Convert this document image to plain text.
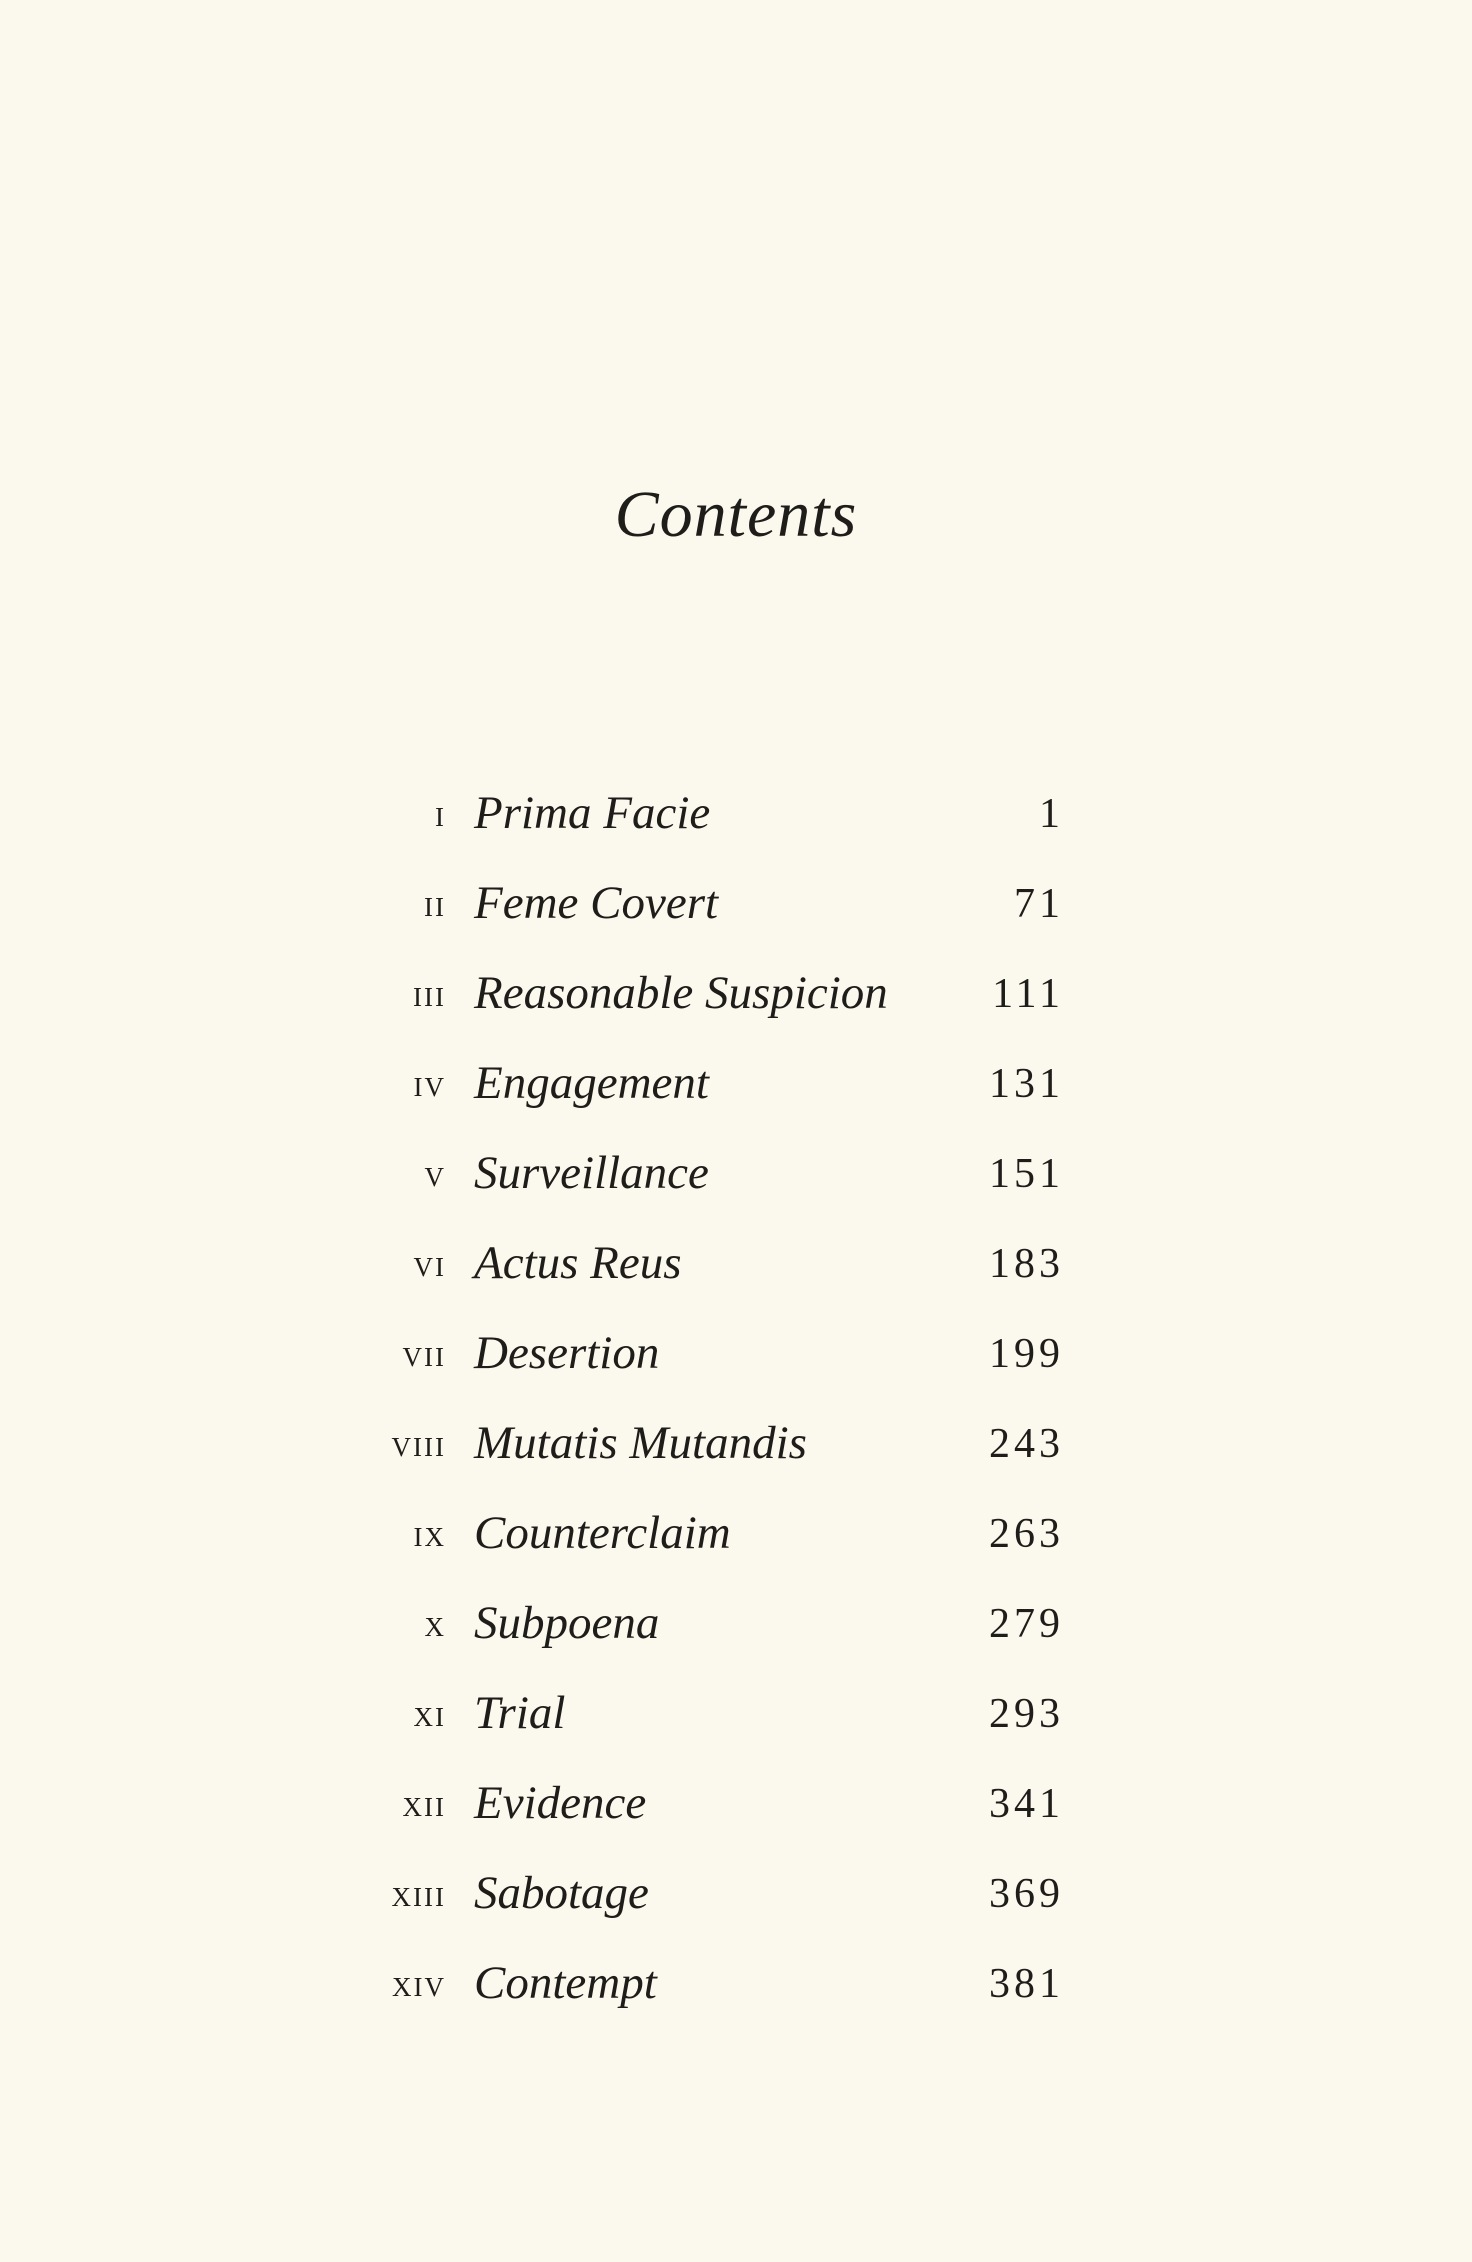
Contents
i Prima Facie	1
ii Feme Covert	71
iii Reasonable Suspicion 111
iv Engagement	131
v Surveillance	151
vi Actus Reus	183
vii Desertion	199
viii Mutatis Mutandis	243
ix Counterclaim	263
x Subpoena	279
xi Trial	293
xii Evidence	341
xiii Sabotage	369
xiv Contempt	381
